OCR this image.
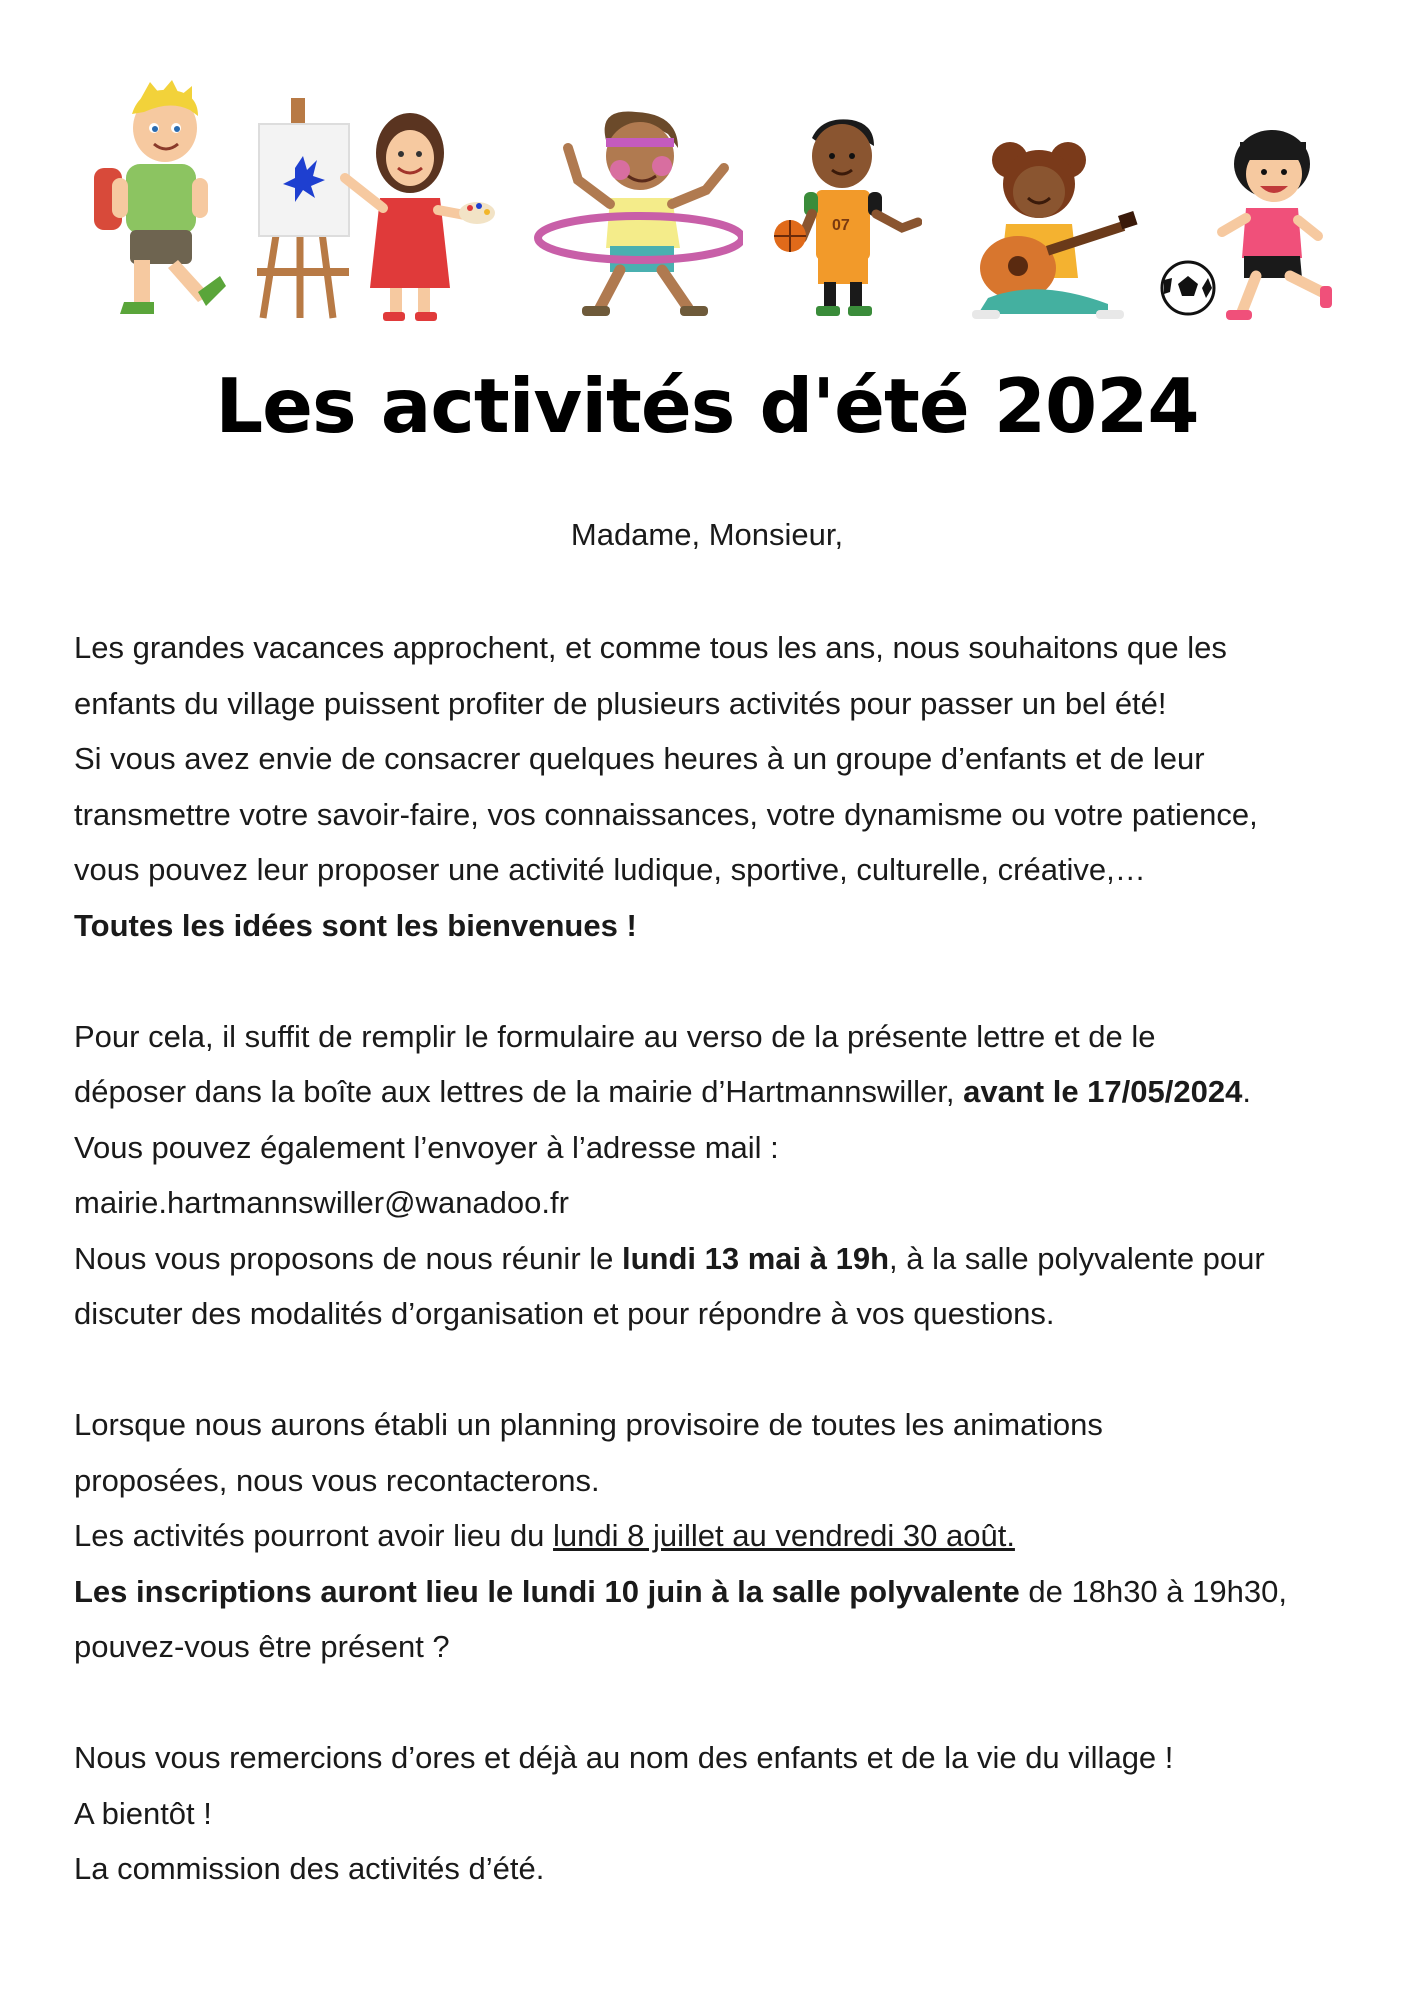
07
Les activités d'été 2024

Madame, Monsieur,

Les grandes vacances approchent, et comme tous les ans, nous souhaitons que les
enfants du village puissent profiter de plusieurs activités pour passer un bel été!
Si vous avez envie de consacrer quelques heures à un groupe d’enfants et de leur
transmettre votre savoir-faire, vos connaissances, votre dynamisme ou votre patience,
vous pouvez leur proposer une activité ludique, sportive, culturelle, créative,…
Toutes les idées sont les bienvenues !

Pour cela, il suffit de remplir le formulaire au verso de la présente lettre et de le
déposer dans la boîte aux lettres de la mairie d’Hartmannswiller, avant le 17/05/2024.
Vous pouvez également l’envoyer à l’adresse mail :
mairie.hartmannswiller@wanadoo.fr
Nous vous proposons de nous réunir le lundi 13 mai à 19h, à la salle polyvalente pour
discuter des modalités d’organisation et pour répondre à vos questions.

Lorsque nous aurons établi un planning provisoire de toutes les animations
proposées, nous vous recontacterons.
Les activités pourront avoir lieu du lundi 8 juillet au vendredi 30 août.
Les inscriptions auront lieu le lundi 10 juin à la salle polyvalente de 18h30 à 19h30,
pouvez-vous être présent ?

Nous vous remercions d’ores et déjà au nom des enfants et de la vie du village !
A bientôt !
La commission des activités d’été.
